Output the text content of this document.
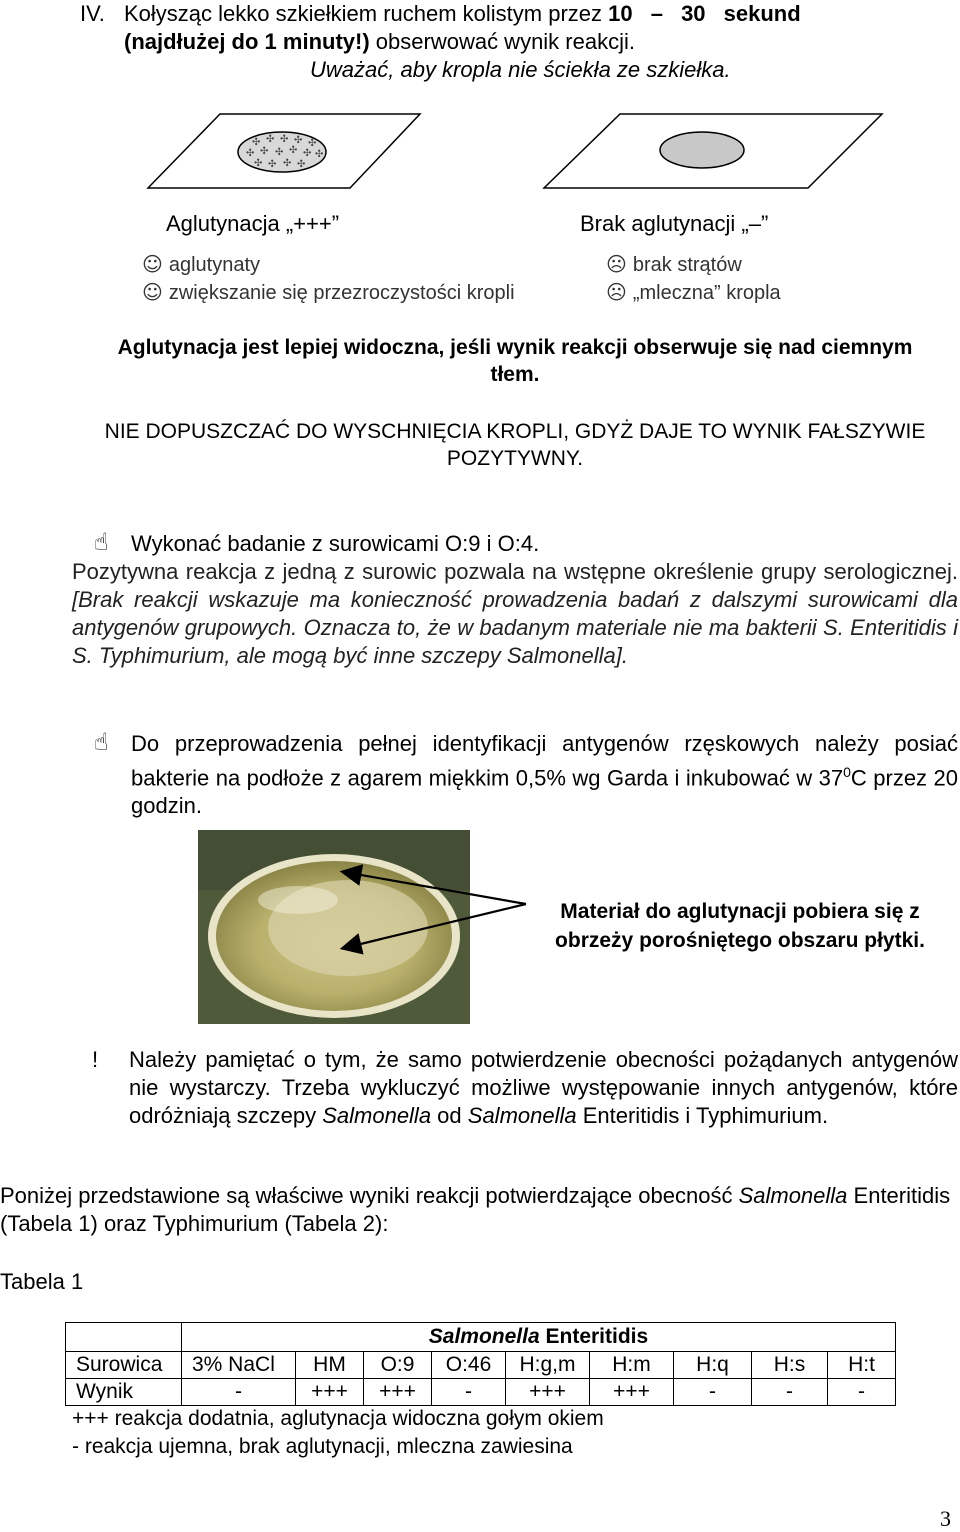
IV. Kołysząc lekko szkiełkiem ruchem kolistym przez 10 – 30 sekund
(najdłużej do 1 minuty!) obserwować wynik reakcji.
Uważać, aby kropla nie ściekła ze szkiełka.
✣ ✣ ✣ ✣ ✣
✣ ✣ ✣ ✣ ✣ ✣
✣ ✣ ✣ ✣
Aglutynacja „+++”	Brak aglutynacji „–”
☺ aglutynaty
☺ zwiększanie się przezroczystości kropli
☹ brak strątów
☹ „mleczna” kropla
Aglutynacja jest lepiej widoczna, jeśli wynik reakcji obserwuje się nad ciemnym tłem.
NIE DOPUSZCZAĆ DO WYSCHNIĘCIA KROPLI, GDYŻ DAJE TO WYNIK FAŁSZYWIE POZYTYWNY.
☝ Wykonać badanie z surowicami O:9 i O:4.
Pozytywna reakcja z jedną z surowic pozwala na wstępne określenie grupy serologicznej. [Brak reakcji wskazuje ma konieczność prowadzenia badań z dalszymi surowicami dla antygenów grupowych. Oznacza to, że w badanym materiale nie ma bakterii S. Enteritidis i S. Typhimurium, ale mogą być inne szczepy Salmonella].
☝ Do przeprowadzenia pełnej identyfikacji antygenów rzęskowych należy posiać bakterie na podłoże z agarem miękkim 0,5% wg Garda i inkubować w $37^0C$ przez 20 godzin.
Materiał do aglutynacji pobiera się z obrzeży porośniętego obszaru płytki.
! Należy pamiętać o tym, że samo potwierdzenie obecności pożądanych antygenów nie wystarczy. Trzeba wykluczyć możliwe występowanie innych antygenów, które odróżniają szczepy Salmonella od Salmonella Enteritidis i Typhimurium.
Poniżej przedstawione są właściwe wyniki reakcji potwierdzające obecność Salmonella Enteritidis (Tabela 1) oraz Typhimurium (Tabela 2):
Tabela 1
	Salmonella Enteritidis								
Surowica	3% NaCl	HM	O:9	O:46	H:g,m	H:m	H:q	H:s	H:t
Wynik	-	+++	+++	-	+++	+++	-	-	-
+++ reakcja dodatnia, aglutynacja widoczna gołym okiem
- reakcja ujemna, brak aglutynacji, mleczna zawiesina
3
